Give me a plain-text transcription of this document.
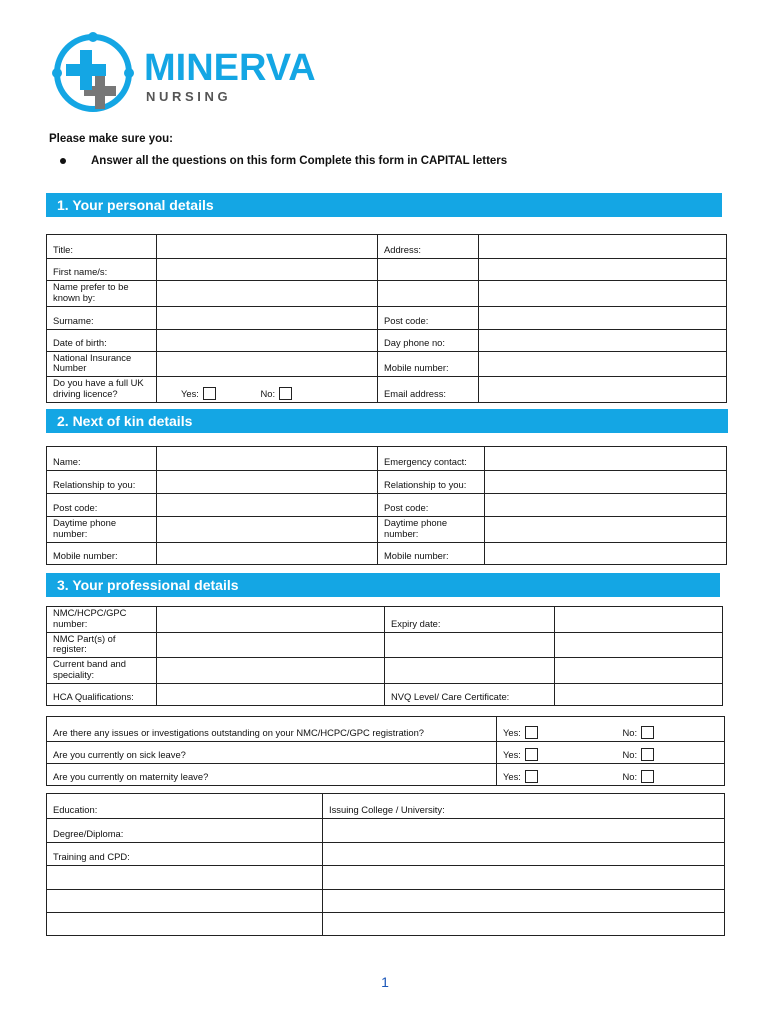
MINERVA
N U R S I N G
Please make sure you:
Answer all the questions on this form Complete this form in CAPITAL letters
1. Your personal details
Title:		Address:	
First name/s:			
Name prefer to be known by:			
Surname:		Post code:	
Date of birth:		Day phone no:	
National Insurance Number		Mobile number:	
Do you have a full UK driving licence?	Yes: No:	Email address:	
2. Next of kin details
Name:		Emergency contact:	
Relationship to you:		Relationship to you:	
Post code:		Post code:	
Daytime phone number:		Daytime phone number:	
Mobile number:		Mobile number:	
3. Your professional details
NMC/HCPC/GPC number:		Expiry date:	
NMC Part(s) of register:			
Current band and speciality:			
HCA Qualifications:		NVQ Level/ Care Certificate:	
Are there any issues or investigations outstanding on your NMC/HCPC/GPC registration?	Yes:	No:
Are you currently on sick leave?	Yes:	No:
Are you currently on maternity leave?	Yes:	No:
Education:	Issuing College / University:
Degree/Diploma:	
Training and CPD:	

1
